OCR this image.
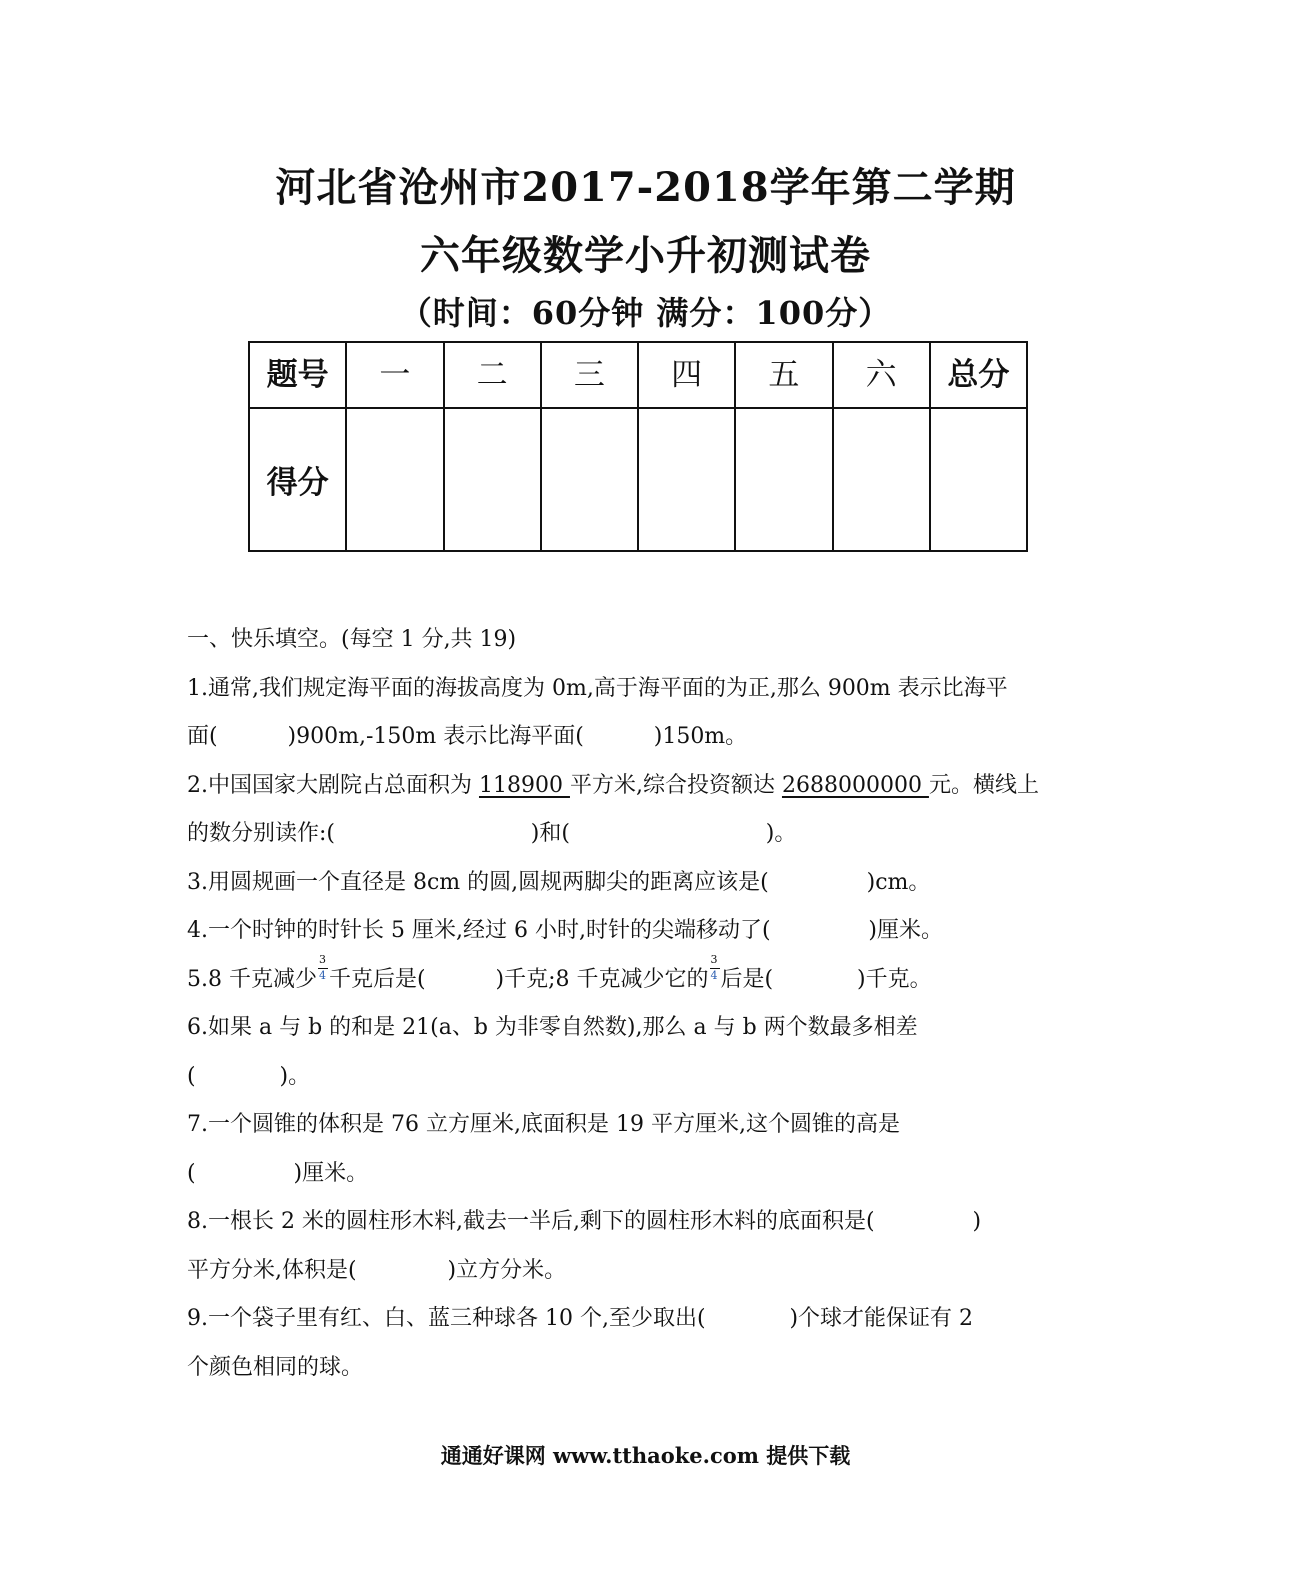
河北省沧州市2017-2018学年第二学期
六年级数学小升初测试卷
（时间：60分钟 满分：100分）
题号	一	二	三	四	五	六	总分
得分							
一、快乐填空。(每空 1 分,共 19)
1.通常,我们规定海平面的海拔高度为 0m,高于海平面的为正,那么 900m 表示比海平
面(          )900m,-150m 表示比海平面(          )150m。
2.中国国家大剧院占总面积为 118900 平方米,综合投资额达 2688000000 元。横线上
的数分别读作:(                            )和(                            )。
3.用圆规画一个直径是 8cm 的圆,圆规两脚尖的距离应该是(              )cm。
4.一个时钟的时针长 5 厘米,经过 6 小时,时针的尖端移动了(              )厘米。
5.8 千克减少 $\frac{3}{4}$ 千克后是(          )千克;8 千克减少它的 $\frac{3}{4}$ 后是(            )千克。
6.如果 a 与 b 的和是 21(a、b 为非零自然数),那么 a 与 b 两个数最多相差
(            )。
7.一个圆锥的体积是 76 立方厘米,底面积是 19 平方厘米,这个圆锥的高是
(              )厘米。
8.一根长 2 米的圆柱形木料,截去一半后,剩下的圆柱形木料的底面积是(              )
平方分米,体积是(             )立方分米。
9.一个袋子里有红、白、蓝三种球各 10 个,至少取出(            )个球才能保证有 2
个颜色相同的球。
通通好课网 www.tthaoke.com 提供下载
